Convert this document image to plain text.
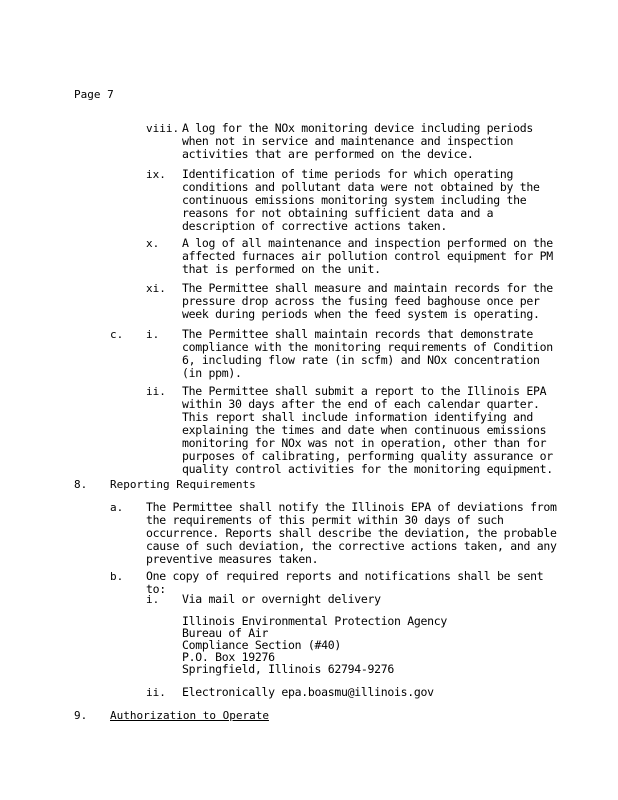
Page 7
viii. A log for the NOx monitoring device including periods when not in service and maintenance and inspection activities that are performed on the device.
ix. Identification of time periods for which operating conditions and pollutant data were not obtained by the continuous emissions monitoring system including the reasons for not obtaining sufficient data and a description of corrective actions taken.
x. A log of all maintenance and inspection performed on the affected furnaces air pollution control equipment for PM that is performed on the unit.
xi. The Permittee shall measure and maintain records for the pressure drop across the fusing feed baghouse once per week during periods when the feed system is operating.
c. i. The Permittee shall maintain records that demonstrate compliance with the monitoring requirements of Condition 6, including flow rate (in scfm) and NOx concentration (in ppm).
ii. The Permittee shall submit a report to the Illinois EPA within 30 days after the end of each calendar quarter. This report shall include information identifying and explaining the times and date when continuous emissions monitoring for NOx was not in operation, other than for purposes of calibrating, performing quality assurance or quality control activities for the monitoring equipment.
8. Reporting Requirements
a. The Permittee shall notify the Illinois EPA of deviations from the requirements of this permit within 30 days of such occurrence. Reports shall describe the deviation, the probable cause of such deviation, the corrective actions taken, and any preventive measures taken.
b. One copy of required reports and notifications shall be sent to:
i. Via mail or overnight delivery
Illinois Environmental Protection Agency
Bureau of Air
Compliance Section (#40)
P.O. Box 19276
Springfield, Illinois 62794-9276
ii. Electronically epa.boasmu@illinois.gov
9. Authorization to Operate
